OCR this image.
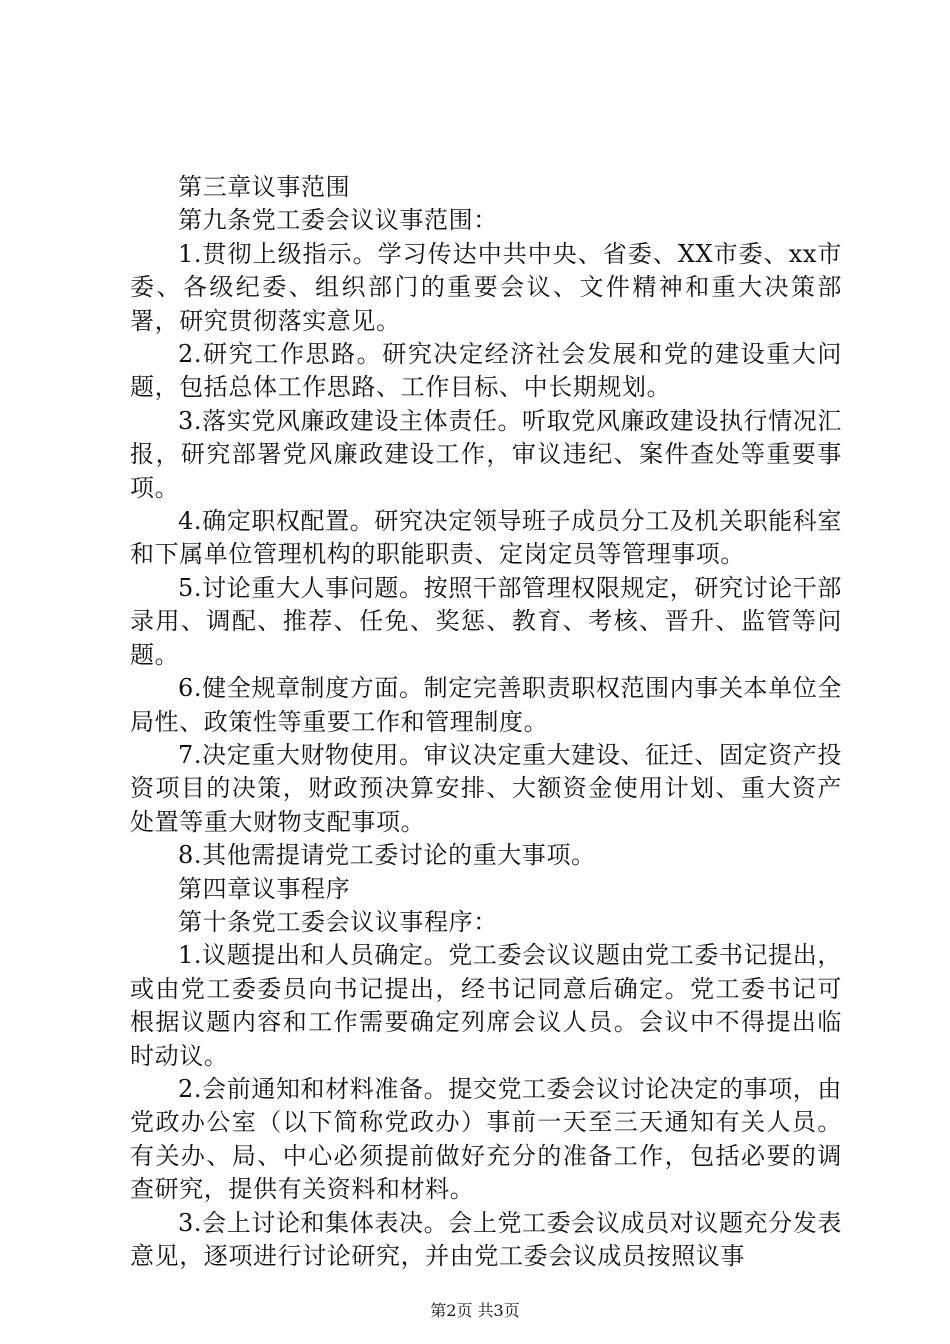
第三章议事范围

第九条党工委会议议事范围：

1.贯彻上级指示。学习传达中共中央、省委、XX市委、xx市委、各级纪委、组织部门的重要会议、文件精神和重大决策部署，研究贯彻落实意见。

2.研究工作思路。研究决定经济社会发展和党的建设重大问题，包括总体工作思路、工作目标、中长期规划。

3.落实党风廉政建设主体责任。听取党风廉政建设执行情况汇报，研究部署党风廉政建设工作，审议违纪、案件查处等重要事项。

4.确定职权配置。研究决定领导班子成员分工及机关职能科室和下属单位管理机构的职能职责、定岗定员等管理事项。

5.讨论重大人事问题。按照干部管理权限规定，研究讨论干部录用、调配、推荐、任免、奖惩、教育、考核、晋升、监管等问题。

6.健全规章制度方面。制定完善职责职权范围内事关本单位全局性、政策性等重要工作和管理制度。

7.决定重大财物使用。审议决定重大建设、征迁、固定资产投资项目的决策，财政预决算安排、大额资金使用计划、重大资产处置等重大财物支配事项。

8.其他需提请党工委讨论的重大事项。

第四章议事程序

第十条党工委会议议事程序：

1.议题提出和人员确定。党工委会议议题由党工委书记提出，或由党工委委员向书记提出，经书记同意后确定。党工委书记可根据议题内容和工作需要确定列席会议人员。会议中不得提出临时动议。

2.会前通知和材料准备。提交党工委会议讨论决定的事项，由党政办公室（以下简称党政办）事前一天至三天通知有关人员。有关办、局、中心必须提前做好充分的准备工作，包括必要的调查研究，提供有关资料和材料。

3.会上讨论和集体表决。会上党工委会议成员对议题充分发表意见，逐项进行讨论研究，并由党工委会议成员按照议事

第2页 共3页
